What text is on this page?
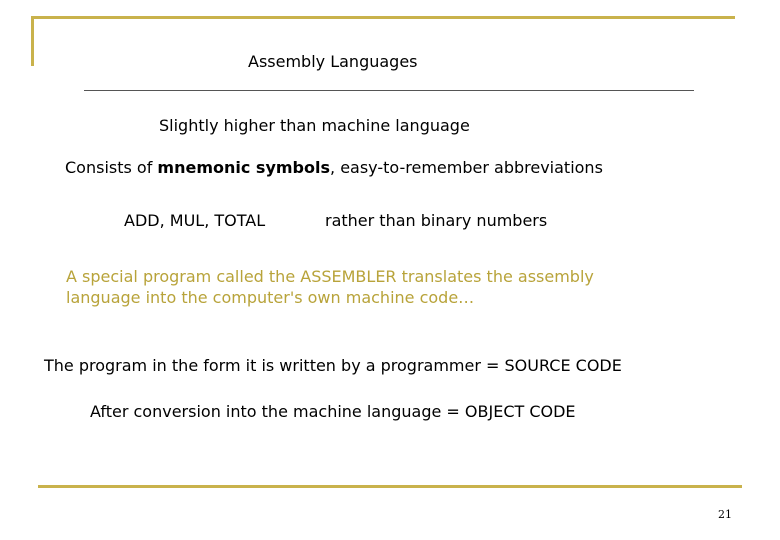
Assembly Languages
Slightly higher than machine language
Consists of mnemonic symbols, easy-to-remember abbreviations
ADD, MUL, TOTAL	rather than binary numbers
A special program called the ASSEMBLER translates the assembly
language into the computer's own machine code…
The program in the form it is written by a programmer = SOURCE CODE
After conversion into the machine language = OBJECT CODE
21
